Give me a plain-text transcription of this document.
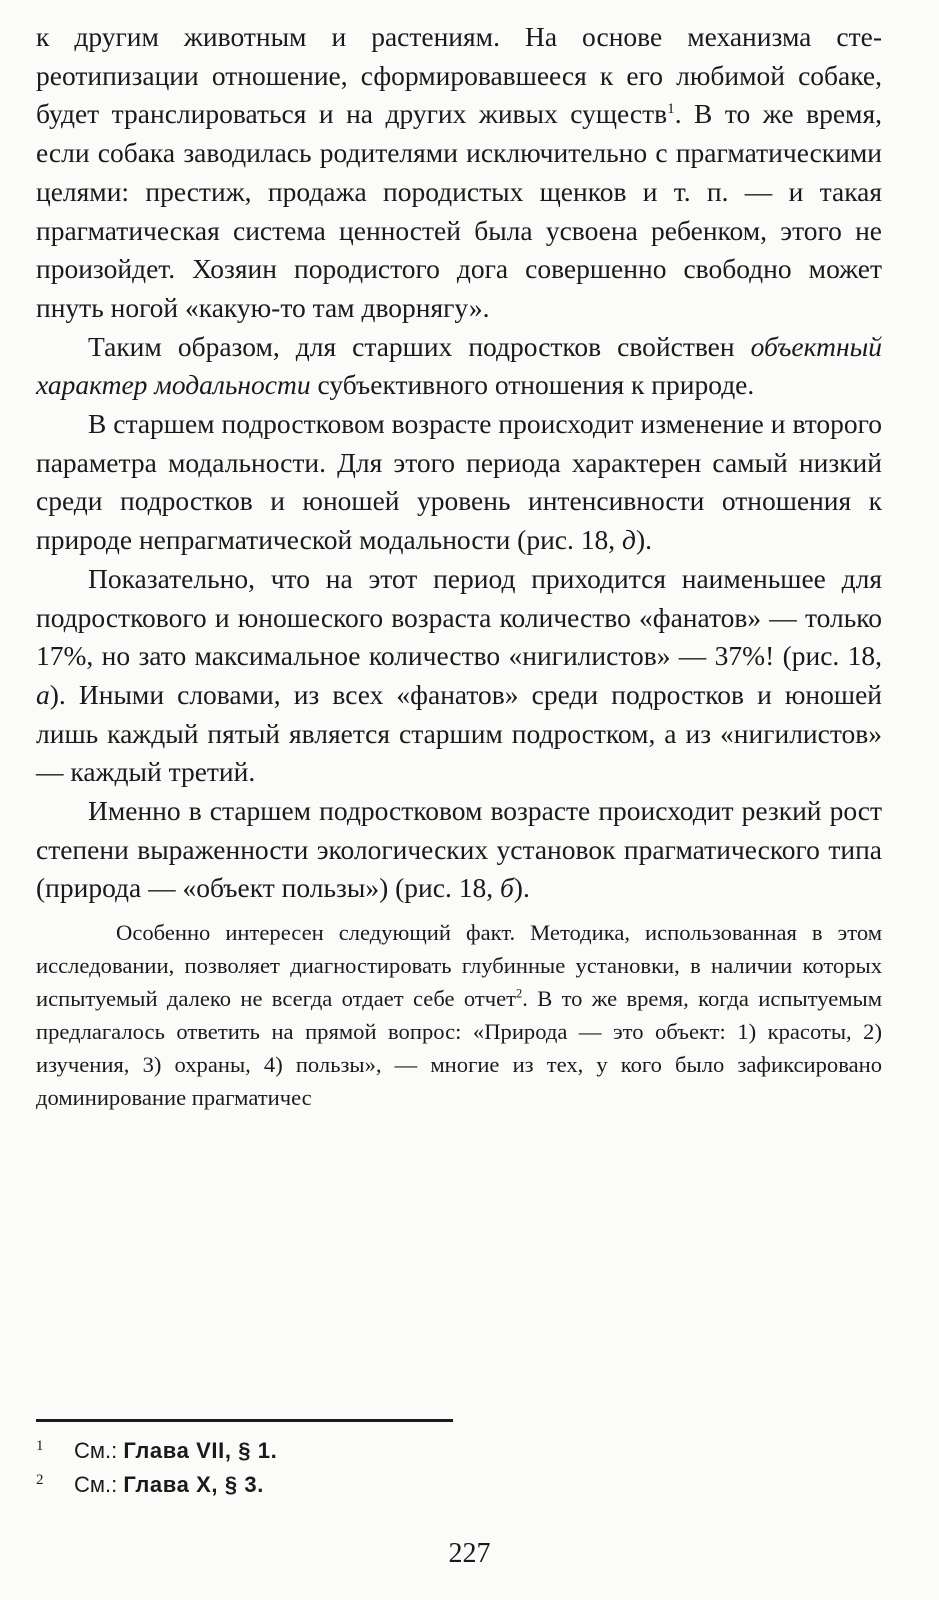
к другим животным и растениям. На основе механизма стереотипизации отношение, сформировавшееся к его любимой собаке, будет транслироваться и на других живых существ$^1$. В то же время, если собака заводилась родителями исключительно с прагматическими целями: престиж, продажа породистых щенков и т. п. — и такая прагматическая система ценностей была усвоена ребенком, этого не произойдет. Хозяин породистого дога совершенно свободно может пнуть ногой «какую-то там дворнягу».

Таким образом, для старших подростков свойствен объектный характер модальности субъективного отношения к природе.

В старшем подростковом возрасте происходит изменение и второго параметра модальности. Для этого периода характерен самый низкий среди подростков и юношей уровень интенсивности отношения к природе непрагматической модальности (рис. 18, д).

Показательно, что на этот период приходится наименьшее для подросткового и юношеского возраста количество «фанатов» — только 17%, но зато максимальное количество «нигилистов» — 37%! (рис. 18, а). Иными словами, из всех «фанатов» среди подростков и юношей лишь каждый пятый является старшим подростком, а из «нигилистов» — каждый третий.

Именно в старшем подростковом возрасте происходит резкий рост степени выраженности экологических установок прагматического типа (природа — «объект пользы») (рис. 18, б).

Особенно интересен следующий факт. Методика, использованная в этом исследовании, позволяет диагностировать глубинные установки, в наличии которых испытуемый далеко не всегда отдает себе отчет$^2$. В то же время, когда испытуемым предлагалось ответить на прямой вопрос: «Природа — это объект: 1) красоты, 2) изучения, 3) охраны, 4) пользы», — многие из тех, у кого было зафиксировано доминирование прагматичес

1	См.: Глава VII, § 1.
2	См.: Глава X, § 3.
227
